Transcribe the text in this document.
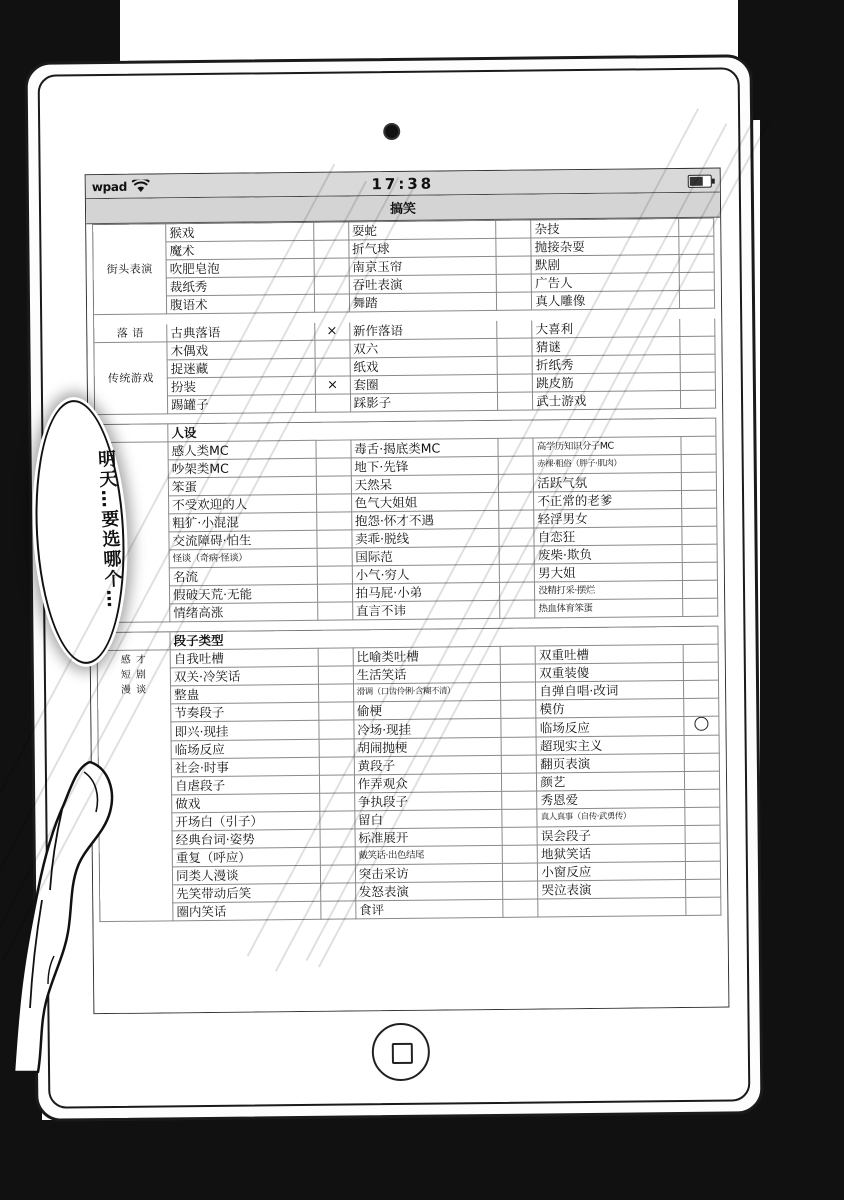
wpad	17:38
搞笑
街头表演	猴戏		耍蛇		杂技	
	魔术		折气球		抛接杂耍	
	吹肥皂泡		南京玉帘		默剧	
	裁纸秀		吞吐表演		广告人	
	腹语术		舞踏		真人雕像	

落 语	古典落语	×	新作落语		大喜利	
传统游戏	木偶戏		双六		猜谜	
	捉迷藏		纸戏		折纸秀	
	扮装	×	套圈		跳皮筋	
	踢罐子		踩影子		武士游戏	
	人设					
	感人类MC		毒舌·揭底类MC		高学历知识分子MC	
	吵架类MC		地下·先锋		赤裸·粗俗（胖子·肌肉）	
	笨蛋		天然呆		活跃气氛	
	不受欢迎的人		色气大姐姐		不正常的老爹	
	粗犷·小混混		抱怨·怀才不遇		轻浮男女	
	交流障碍·怕生		卖乖·脱线		自恋狂	
	怪谈（奇病·怪谈）		国际范		废柴·欺负	
	名流		小气·穷人		男大姐	
	假破天荒·无能		拍马屁·小弟		没精打采·摆烂	
	情绪高涨		直言不讳		热血体育笨蛋	
	段子类型					
感 才
短 剧
漫 谈	自我吐槽		比喻类吐槽		双重吐槽	
	双关·冷笑话		生活笑话		双重装傻	
	整蛊		滑调（口齿伶俐·含糊不清）		自弹自唱·改词	
	节奏段子		偷梗		模仿	
	即兴·现挂		冷场·现挂		临场反应	
	临场反应		胡闹抛梗		超现实主义	
	社会·时事		黄段子		翻页表演	
	自虐段子		作弄观众		颜艺	
	做戏		争执段子		秀恩爱	
	开场白（引子）		留白		真人真事（自传·武勇传）	
	经典台词·姿势		标准展开		误会段子	
	重复（呼应）		戴笑话·出色结尾		地狱笑话	
	同类人漫谈		突击采访		小窗反应	
	先笑带动后笑		发怒表演		哭泣表演	
	圈内笑话		食评			
明天…要选哪个…
